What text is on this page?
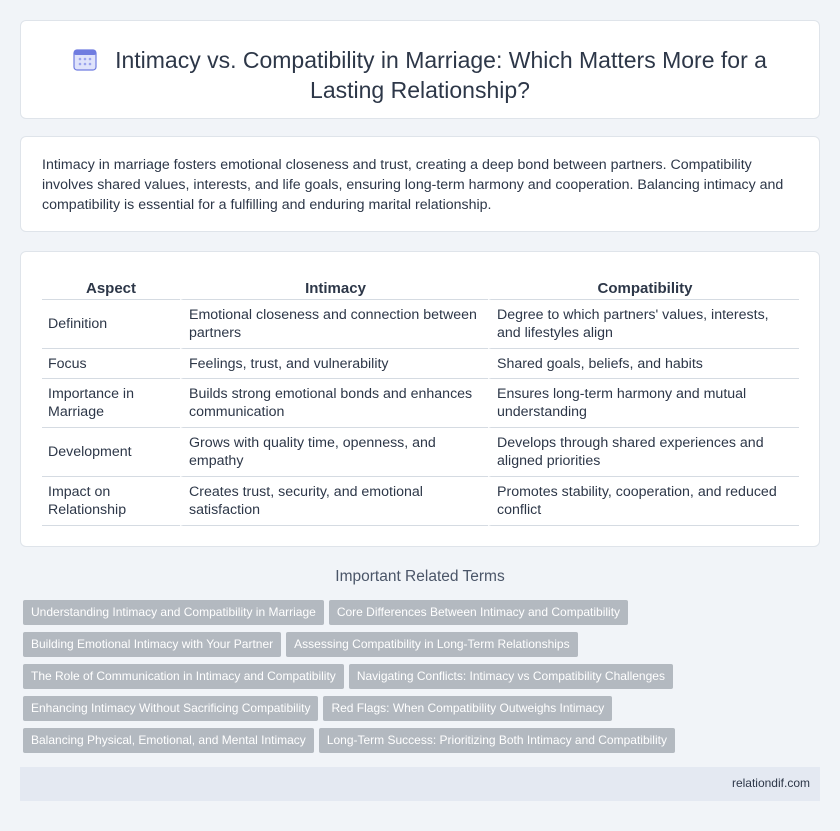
Intimacy vs. Compatibility in Marriage: Which Matters More for a Lasting Relationship?

Intimacy in marriage fosters emotional closeness and trust, creating a deep bond between partners. Compatibility involves shared values, interests, and life goals, ensuring long-term harmony and cooperation. Balancing intimacy and compatibility is essential for a fulfilling and enduring marital relationship.

Aspect	Intimacy	Compatibility
Definition	Emotional closeness and connection between partners	Degree to which partners' values, interests, and lifestyles align
Focus	Feelings, trust, and vulnerability	Shared goals, beliefs, and habits
Importance in Marriage	Builds strong emotional bonds and enhances communication	Ensures long-term harmony and mutual understanding
Development	Grows with quality time, openness, and empathy	Develops through shared experiences and aligned priorities
Impact on Relationship	Creates trust, security, and emotional satisfaction	Promotes stability, cooperation, and reduced conflict
Important Related Terms
Understanding Intimacy and Compatibility in Marriage Core Differences Between Intimacy and Compatibility
Building Emotional Intimacy with Your Partner Assessing Compatibility in Long-Term Relationships
The Role of Communication in Intimacy and Compatibility Navigating Conflicts: Intimacy vs Compatibility Challenges
Enhancing Intimacy Without Sacrificing Compatibility Red Flags: When Compatibility Outweighs Intimacy
Balancing Physical, Emotional, and Mental Intimacy Long-Term Success: Prioritizing Both Intimacy and Compatibility
relationdif.com
